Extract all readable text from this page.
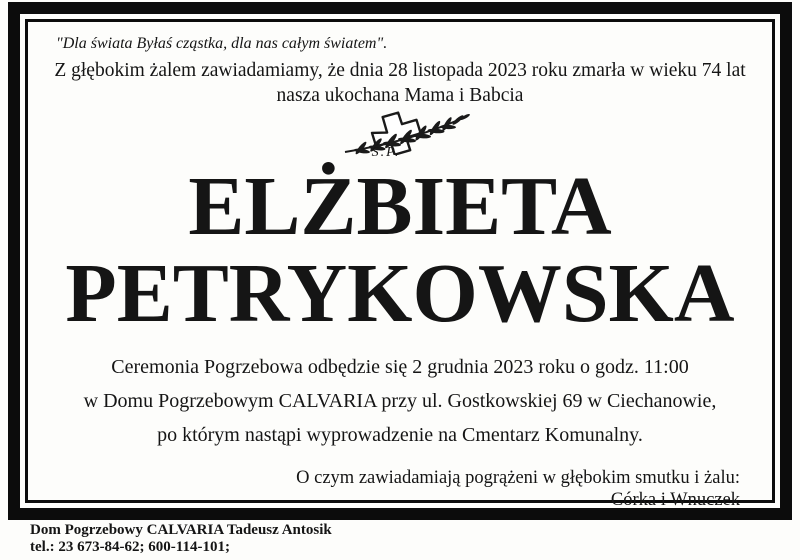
"Dla świata Byłaś cząstka, dla nas całym światem".
Z głębokim żalem zawiadamiamy, że dnia 28 listopada 2023 roku zmarła w wieku 74 lat
nasza ukochana Mama i Babcia
Ś.P.
ELŻBIETA
PETRYKOWSKA
Ceremonia Pogrzebowa odbędzie się 2 grudnia 2023 roku o godz. 11:00
w Domu Pogrzebowym CALVARIA przy ul. Gostkowskiej 69 w Ciechanowie,
po którym nastąpi wyprowadzenie na Cmentarz Komunalny.
O czym zawiadamiają pogrążeni w głębokim smutku i żalu:
Córka i Wnuczek
Dom Pogrzebowy CALVARIA Tadeusz Antosik
tel.: 23 673-84-62; 600-114-101;
